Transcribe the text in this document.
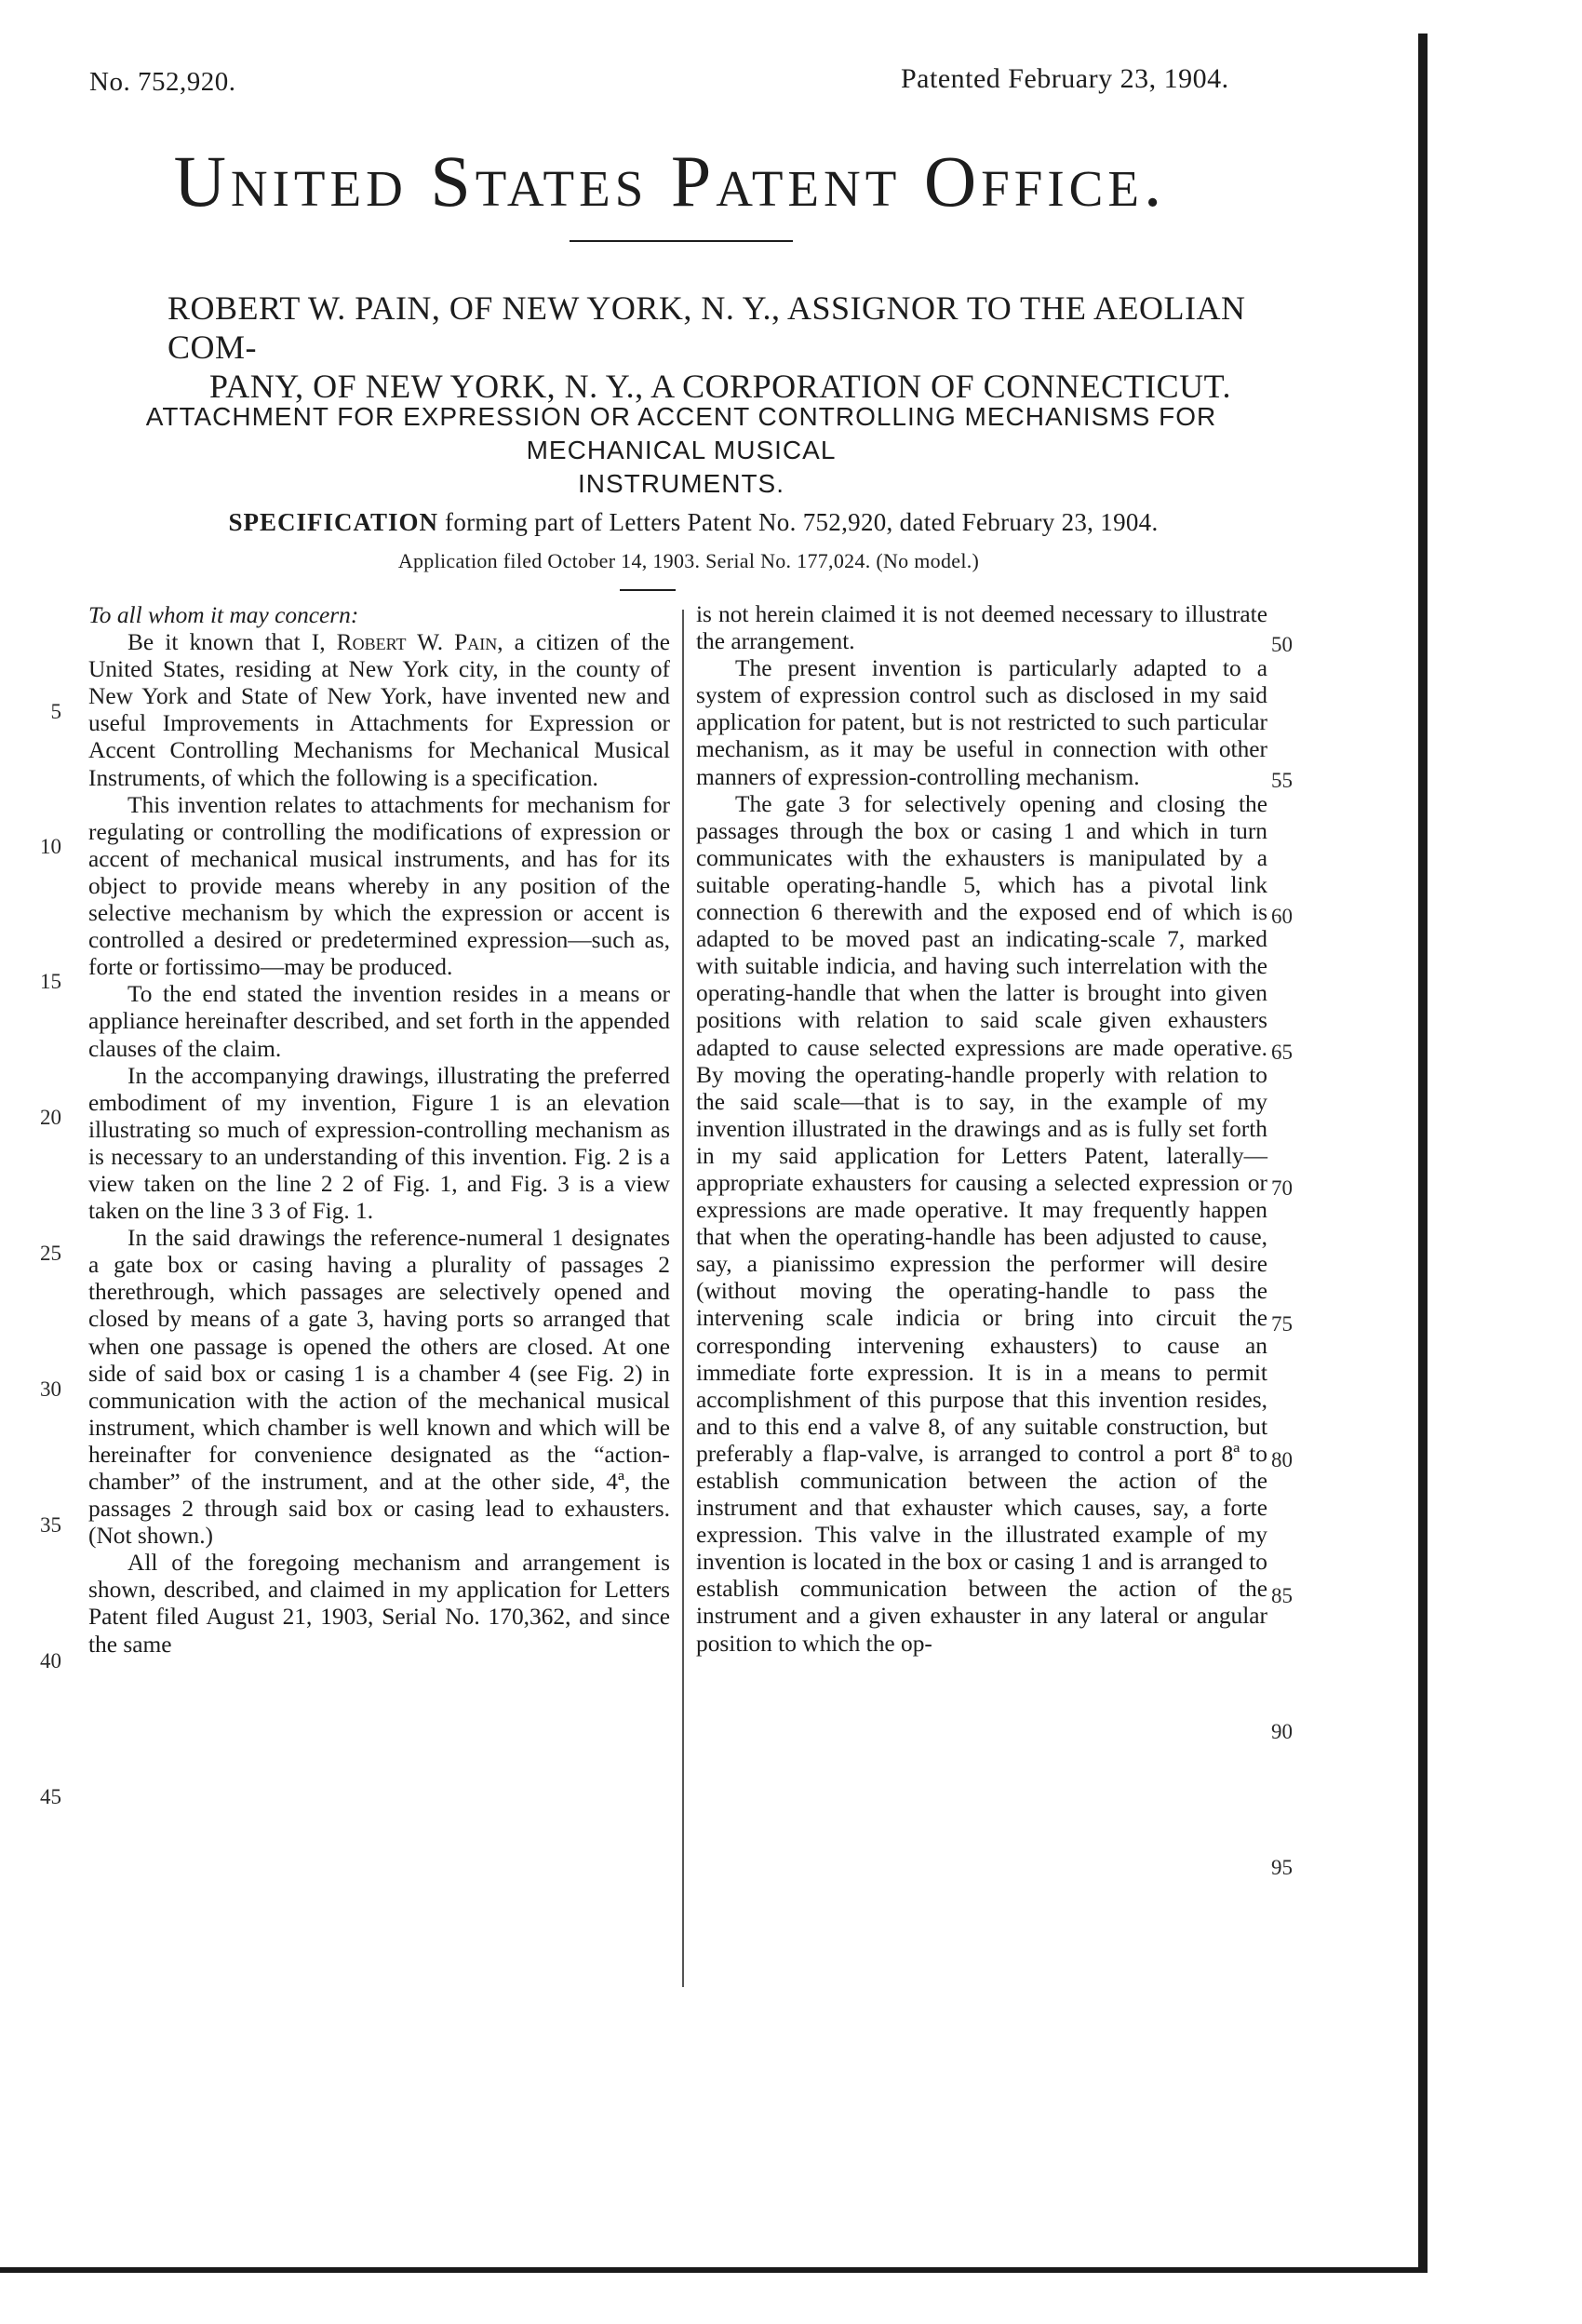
No. 752,920.	Patented February 23, 1904.
United States Patent Office.
ROBERT W. PAIN, OF NEW YORK, N. Y., ASSIGNOR TO THE AEOLIAN COM-
PANY, OF NEW YORK, N. Y., A CORPORATION OF CONNECTICUT.
ATTACHMENT FOR EXPRESSION OR ACCENT CONTROLLING MECHANISMS FOR MECHANICAL MUSICAL
INSTRUMENTS.
SPECIFICATION forming part of Letters Patent No. 752,920, dated February 23, 1904.
Application filed October 14, 1903. Serial No. 177,024. (No model.)

To all whom it may concern:

Be it known that I, Robert W. Pain, a citizen of the United States, residing at New York city, in the county of New York and State of New York, have invented new and useful Improvements in Attachments for Expression or Accent Controlling Mechanisms for Mechanical Musical Instruments, of which the following is a specification.

This invention relates to attachments for mechanism for regulating or controlling the modifications of expression or accent of mechanical musical instruments, and has for its object to provide means whereby in any position of the selective mechanism by which the expression or accent is controlled a desired or predetermined expression—such as, forte or fortissimo—may be produced.

To the end stated the invention resides in a means or appliance hereinafter described, and set forth in the appended clauses of the claim.

In the accompanying drawings, illustrating the preferred embodiment of my invention, Figure 1 is an elevation illustrating so much of expression-controlling mechanism as is necessary to an understanding of this invention. Fig. 2 is a view taken on the line 2 2 of Fig. 1, and Fig. 3 is a view taken on the line 3 3 of Fig. 1.

In the said drawings the reference-numeral 1 designates a gate box or casing having a plurality of passages 2 therethrough, which passages are selectively opened and closed by means of a gate 3, having ports so arranged that when one passage is opened the others are closed. At one side of said box or casing 1 is a chamber 4 (see Fig. 2) in communication with the action of the mechanical musical instrument, which chamber is well known and which will be hereinafter for convenience designated as the “action-chamber” of the instrument, and at the other side, 4ª, the passages 2 through said box or casing lead to exhausters. (Not shown.)

All of the foregoing mechanism and arrangement is shown, described, and claimed in my application for Letters Patent filed August 21, 1903, Serial No. 170,362, and since the same

is not herein claimed it is not deemed necessary to illustrate the arrangement.

The present invention is particularly adapted to a system of expression control such as disclosed in my said application for patent, but is not restricted to such particular mechanism, as it may be useful in connection with other manners of expression-controlling mechanism.

The gate 3 for selectively opening and closing the passages through the box or casing 1 and which in turn communicates with the exhausters is manipulated by a suitable operating-handle 5, which has a pivotal link connection 6 therewith and the exposed end of which is adapted to be moved past an indicating-scale 7, marked with suitable indicia, and having such interrelation with the operating-handle that when the latter is brought into given positions with relation to said scale given exhausters adapted to cause selected expressions are made operative. By moving the operating-handle properly with relation to the said scale—that is to say, in the example of my invention illustrated in the drawings and as is fully set forth in my said application for Letters Patent, laterally—appropriate exhausters for causing a selected expression or expressions are made operative. It may frequently happen that when the operating-handle has been adjusted to cause, say, a pianissimo expression the performer will desire (without moving the operating-handle to pass the intervening scale indicia or bring into circuit the corresponding intervening exhausters) to cause an immediate forte expression. It is in a means to permit accomplishment of this purpose that this invention resides, and to this end a valve 8, of any suitable construction, but preferably a flap-valve, is arranged to control a port 8ª to establish communication between the action of the instrument and that exhauster which causes, say, a forte expression. This valve in the illustrated example of my invention is located in the box or casing 1 and is arranged to establish communication between the action of the instrument and a given exhauster in any lateral or angular position to which the op-

5
10
15
20
25
30
35
40
45
50
55
60
65
70
75
80
85
90
95
